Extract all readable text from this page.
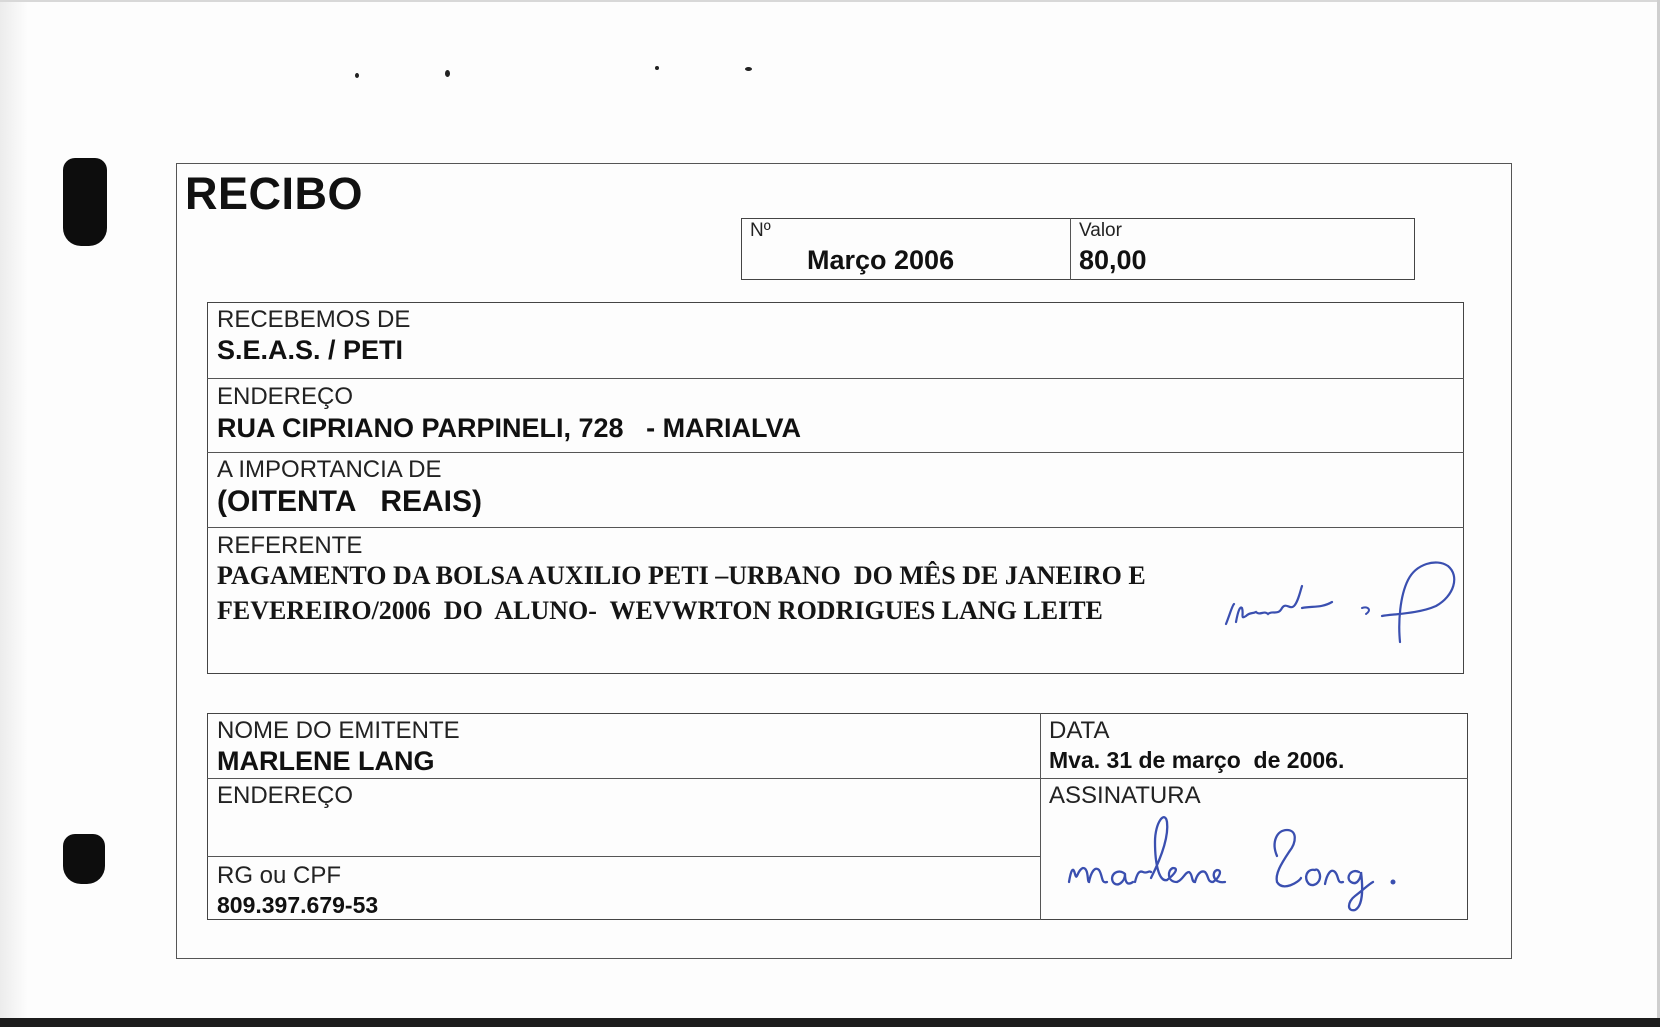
RECIBO
Nº
Março 2006
Valor
80,00
RECEBEMOS DE
S.E.A.S. / PETI
ENDEREÇO
RUA CIPRIANO PARPINELI, 728   - MARIALVA
A IMPORTANCIA DE
(OITENTA   REAIS)
REFERENTE
PAGAMENTO DA BOLSA AUXILIO PETI –URBANO  DO MÊS DE JANEIRO E
FEVEREIRO/2006  DO  ALUNO-  WEVWRTON RODRIGUES LANG LEITE
NOME DO EMITENTE
MARLENE LANG
DATA
Mva. 31 de março  de 2006.
ENDEREÇO	ASSINATURA
RG ou CPF
809.397.679-53
